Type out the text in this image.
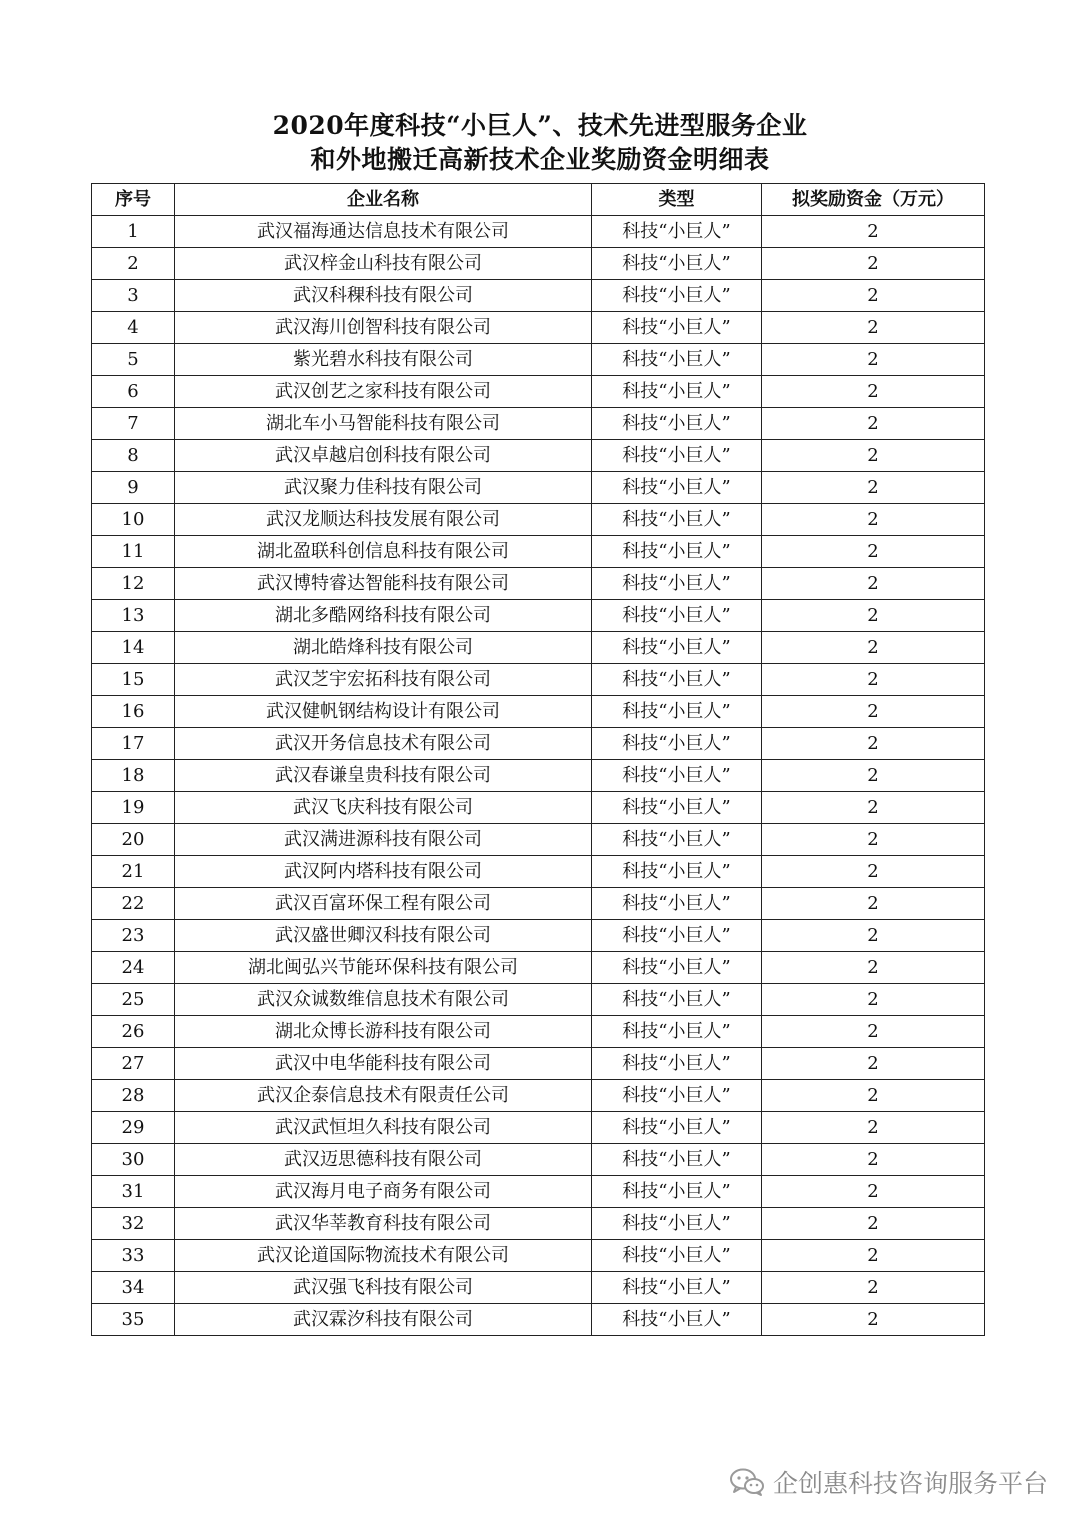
2020年度科技“小巨人”、技术先进型服务企业
和外地搬迁高新技术企业奖励资金明细表
序号	企业名称	类型	拟奖励资金（万元）
1	武汉福海通达信息技术有限公司	科技“小巨人”	2
2	武汉梓金山科技有限公司	科技“小巨人”	2
3	武汉科稞科技有限公司	科技“小巨人”	2
4	武汉海川创智科技有限公司	科技“小巨人”	2
5	紫光碧水科技有限公司	科技“小巨人”	2
6	武汉创艺之家科技有限公司	科技“小巨人”	2
7	湖北车小马智能科技有限公司	科技“小巨人”	2
8	武汉卓越启创科技有限公司	科技“小巨人”	2
9	武汉聚力佳科技有限公司	科技“小巨人”	2
10	武汉龙顺达科技发展有限公司	科技“小巨人”	2
11	湖北盈联科创信息科技有限公司	科技“小巨人”	2
12	武汉博特睿达智能科技有限公司	科技“小巨人”	2
13	湖北多酷网络科技有限公司	科技“小巨人”	2
14	湖北皓烽科技有限公司	科技“小巨人”	2
15	武汉芝宇宏拓科技有限公司	科技“小巨人”	2
16	武汉健帆钢结构设计有限公司	科技“小巨人”	2
17	武汉开务信息技术有限公司	科技“小巨人”	2
18	武汉春谦皇贵科技有限公司	科技“小巨人”	2
19	武汉飞庆科技有限公司	科技“小巨人”	2
20	武汉满进源科技有限公司	科技“小巨人”	2
21	武汉阿内塔科技有限公司	科技“小巨人”	2
22	武汉百富环保工程有限公司	科技“小巨人”	2
23	武汉盛世卿汉科技有限公司	科技“小巨人”	2
24	湖北闽弘兴节能环保科技有限公司	科技“小巨人”	2
25	武汉众诚数维信息技术有限公司	科技“小巨人”	2
26	湖北众博长游科技有限公司	科技“小巨人”	2
27	武汉中电华能科技有限公司	科技“小巨人”	2
28	武汉企泰信息技术有限责任公司	科技“小巨人”	2
29	武汉武恒坦久科技有限公司	科技“小巨人”	2
30	武汉迈思德科技有限公司	科技“小巨人”	2
31	武汉海月电子商务有限公司	科技“小巨人”	2
32	武汉华莘教育科技有限公司	科技“小巨人”	2
33	武汉论道国际物流技术有限公司	科技“小巨人”	2
34	武汉强飞科技有限公司	科技“小巨人”	2
35	武汉霖汐科技有限公司	科技“小巨人”	2
企创惠科技咨询服务平台
